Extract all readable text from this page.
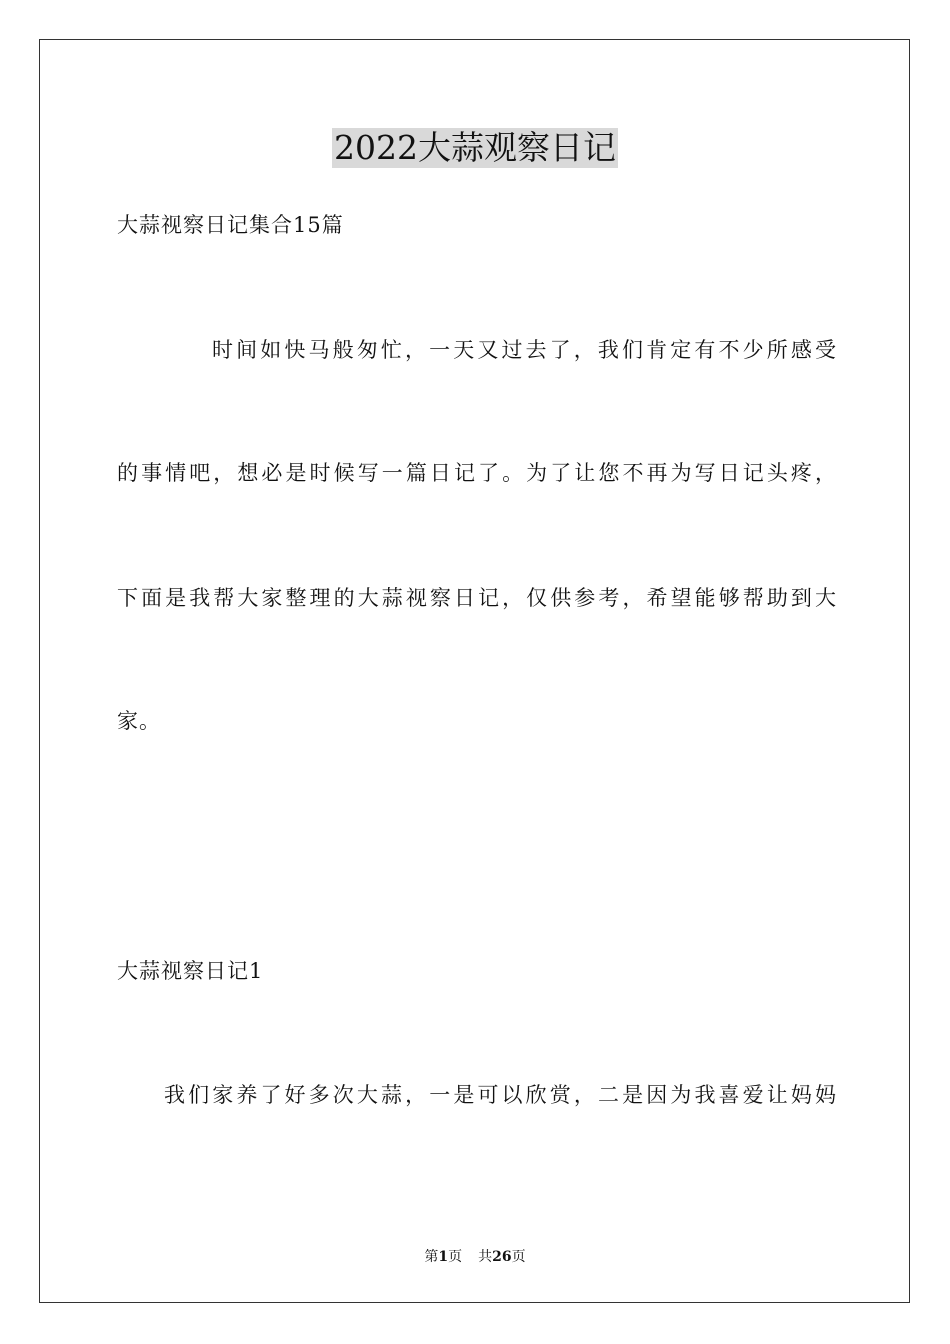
2022大蒜观察日记
大蒜视察日记集合15篇
时间如快马般匆忙，一天又过去了，我们肯定有不少所感受
的事情吧，想必是时候写一篇日记了。为了让您不再为写日记头疼，
下面是我帮大家整理的大蒜视察日记，仅供参考，希望能够帮助到大
家。
大蒜视察日记1
我们家养了好多次大蒜，一是可以欣赏，二是因为我喜爱让妈妈
第1页 共26页
